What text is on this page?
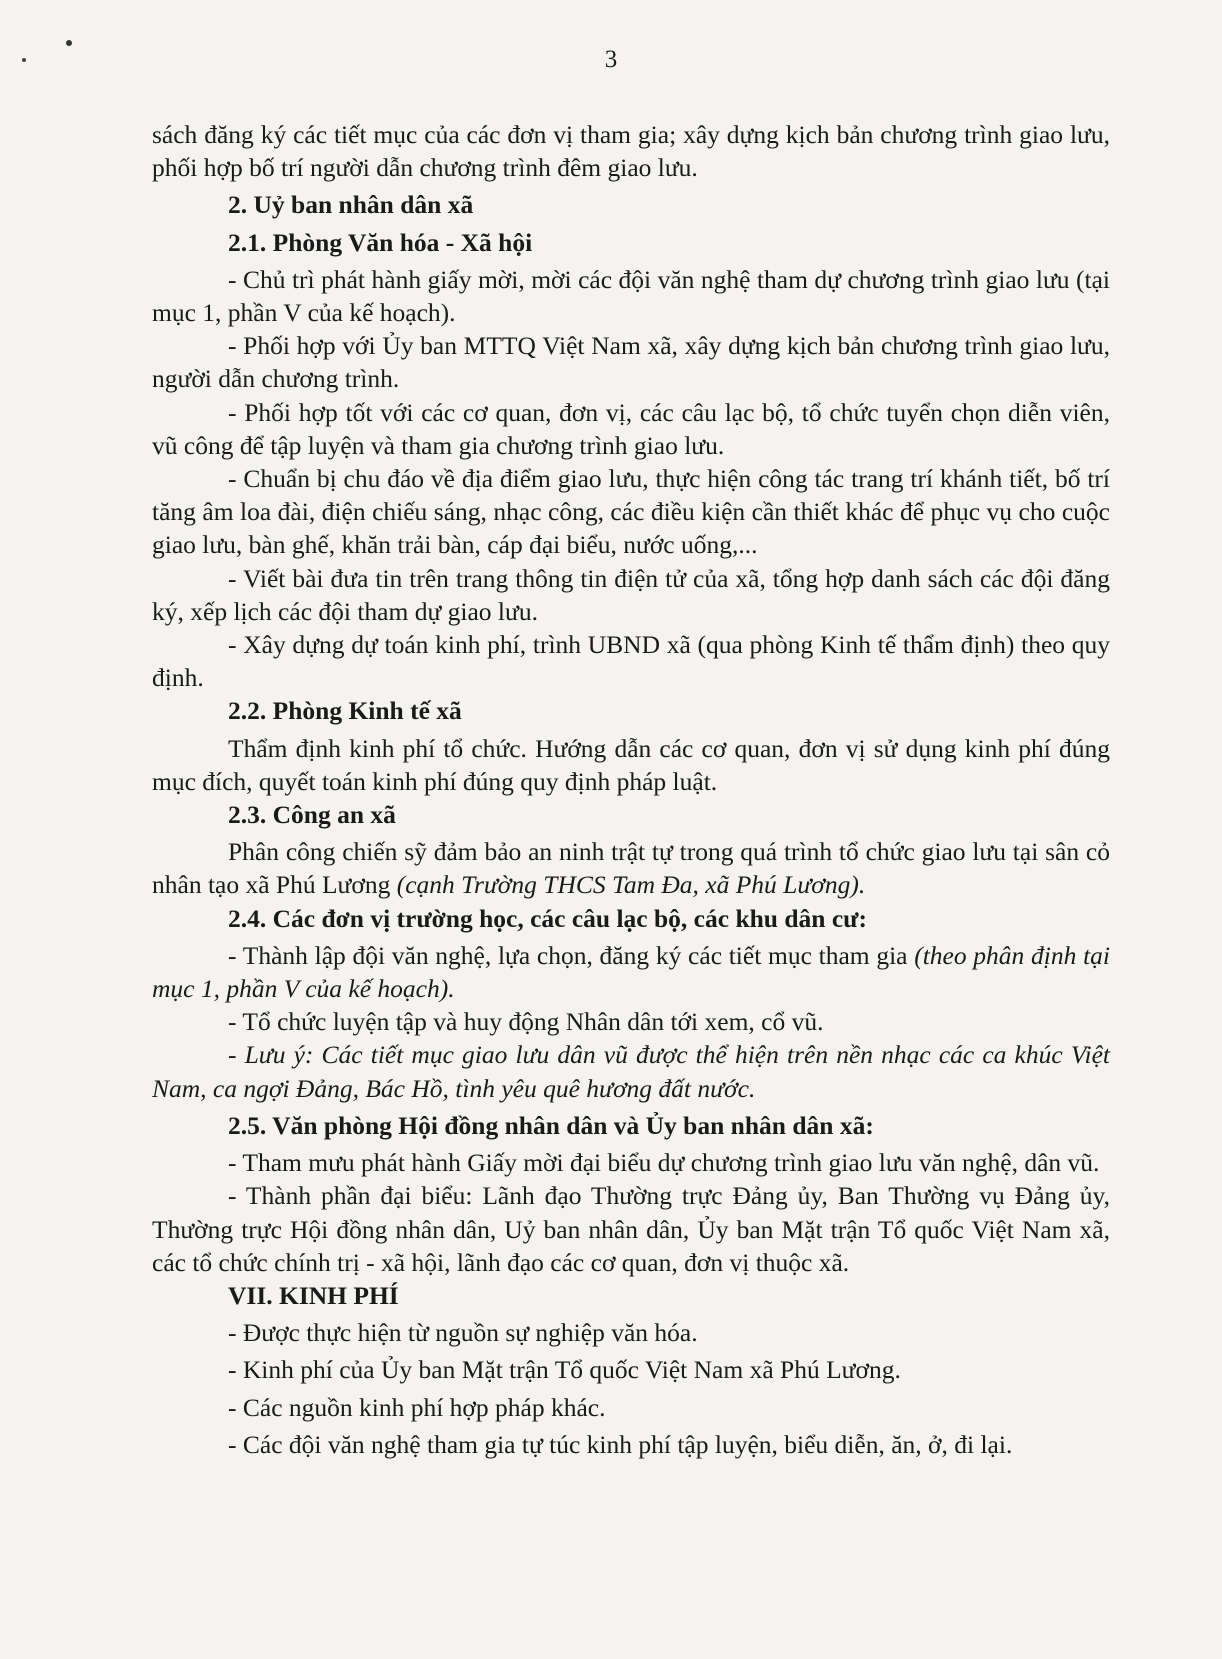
3

sách đăng ký các tiết mục của các đơn vị tham gia; xây dựng kịch bản chương trình giao lưu, phối hợp bố trí người dẫn chương trình đêm giao lưu.

2. Uỷ ban nhân dân xã

2.1. Phòng Văn hóa - Xã hội

- Chủ trì phát hành giấy mời, mời các đội văn nghệ tham dự chương trình giao lưu (tại mục 1, phần V của kế hoạch).

- Phối hợp với Ủy ban MTTQ Việt Nam xã, xây dựng kịch bản chương trình giao lưu, người dẫn chương trình.

- Phối hợp tốt với các cơ quan, đơn vị, các câu lạc bộ, tổ chức tuyển chọn diễn viên, vũ công để tập luyện và tham gia chương trình giao lưu.

- Chuẩn bị chu đáo về địa điểm giao lưu, thực hiện công tác trang trí khánh tiết, bố trí tăng âm loa đài, điện chiếu sáng, nhạc công, các điều kiện cần thiết khác để phục vụ cho cuộc giao lưu, bàn ghế, khăn trải bàn, cáp đại biểu, nước uống,...

- Viết bài đưa tin trên trang thông tin điện tử của xã, tổng hợp danh sách các đội đăng ký, xếp lịch các đội tham dự giao lưu.

- Xây dựng dự toán kinh phí, trình UBND xã (qua phòng Kinh tế thẩm định) theo quy định.

2.2. Phòng Kinh tế xã

Thẩm định kinh phí tổ chức. Hướng dẫn các cơ quan, đơn vị sử dụng kinh phí đúng mục đích, quyết toán kinh phí đúng quy định pháp luật.

2.3. Công an xã

Phân công chiến sỹ đảm bảo an ninh trật tự trong quá trình tổ chức giao lưu tại sân cỏ nhân tạo xã Phú Lương (cạnh Trường THCS Tam Đa, xã Phú Lương).

2.4. Các đơn vị trường học, các câu lạc bộ, các khu dân cư:

- Thành lập đội văn nghệ, lựa chọn, đăng ký các tiết mục tham gia (theo phân định tại mục 1, phần V của kế hoạch).

- Tổ chức luyện tập và huy động Nhân dân tới xem, cổ vũ.

- Lưu ý: Các tiết mục giao lưu dân vũ được thể hiện trên nền nhạc các ca khúc Việt Nam, ca ngợi Đảng, Bác Hồ, tình yêu quê hương đất nước.

2.5. Văn phòng Hội đồng nhân dân và Ủy ban nhân dân xã:

- Tham mưu phát hành Giấy mời đại biểu dự chương trình giao lưu văn nghệ, dân vũ.

- Thành phần đại biểu: Lãnh đạo Thường trực Đảng ủy, Ban Thường vụ Đảng ủy, Thường trực Hội đồng nhân dân, Uỷ ban nhân dân, Ủy ban Mặt trận Tổ quốc Việt Nam xã, các tổ chức chính trị - xã hội, lãnh đạo các cơ quan, đơn vị thuộc xã.

VII. KINH PHÍ

- Được thực hiện từ nguồn sự nghiệp văn hóa.

- Kinh phí của Ủy ban Mặt trận Tổ quốc Việt Nam xã Phú Lương.

- Các nguồn kinh phí hợp pháp khác.

- Các đội văn nghệ tham gia tự túc kinh phí tập luyện, biểu diễn, ăn, ở, đi lại.
